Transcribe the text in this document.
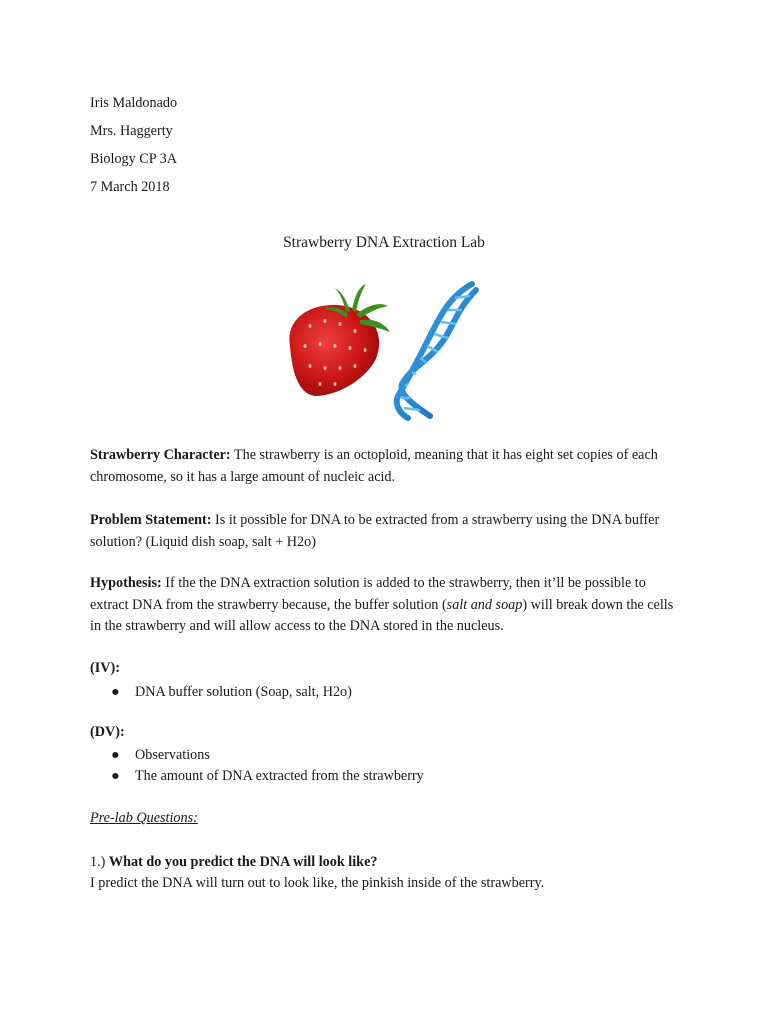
Iris Maldonado
Mrs. Haggerty
Biology CP 3A
7 March 2018
Strawberry DNA Extraction Lab
Strawberry Character: The strawberry is an octoploid, meaning that it has eight set copies of each chromosome, so it has a large amount of nucleic acid.
Problem Statement: Is it possible for DNA to be extracted from a strawberry using the DNA buffer solution? (Liquid dish soap, salt + H2o)
Hypothesis: If the the DNA extraction solution is added to the strawberry, then it’ll be possible to extract DNA from the strawberry because, the buffer solution (salt and soap) will break down the cells in the strawberry and will allow access to the DNA stored in the nucleus.
(IV):
● DNA buffer solution (Soap, salt, H2o)
(DV):
● Observations
● The amount of DNA extracted from the strawberry
Pre-lab Questions:
1.) What do you predict the DNA will look like?
I predict the DNA will turn out to look like, the pinkish inside of the strawberry.
